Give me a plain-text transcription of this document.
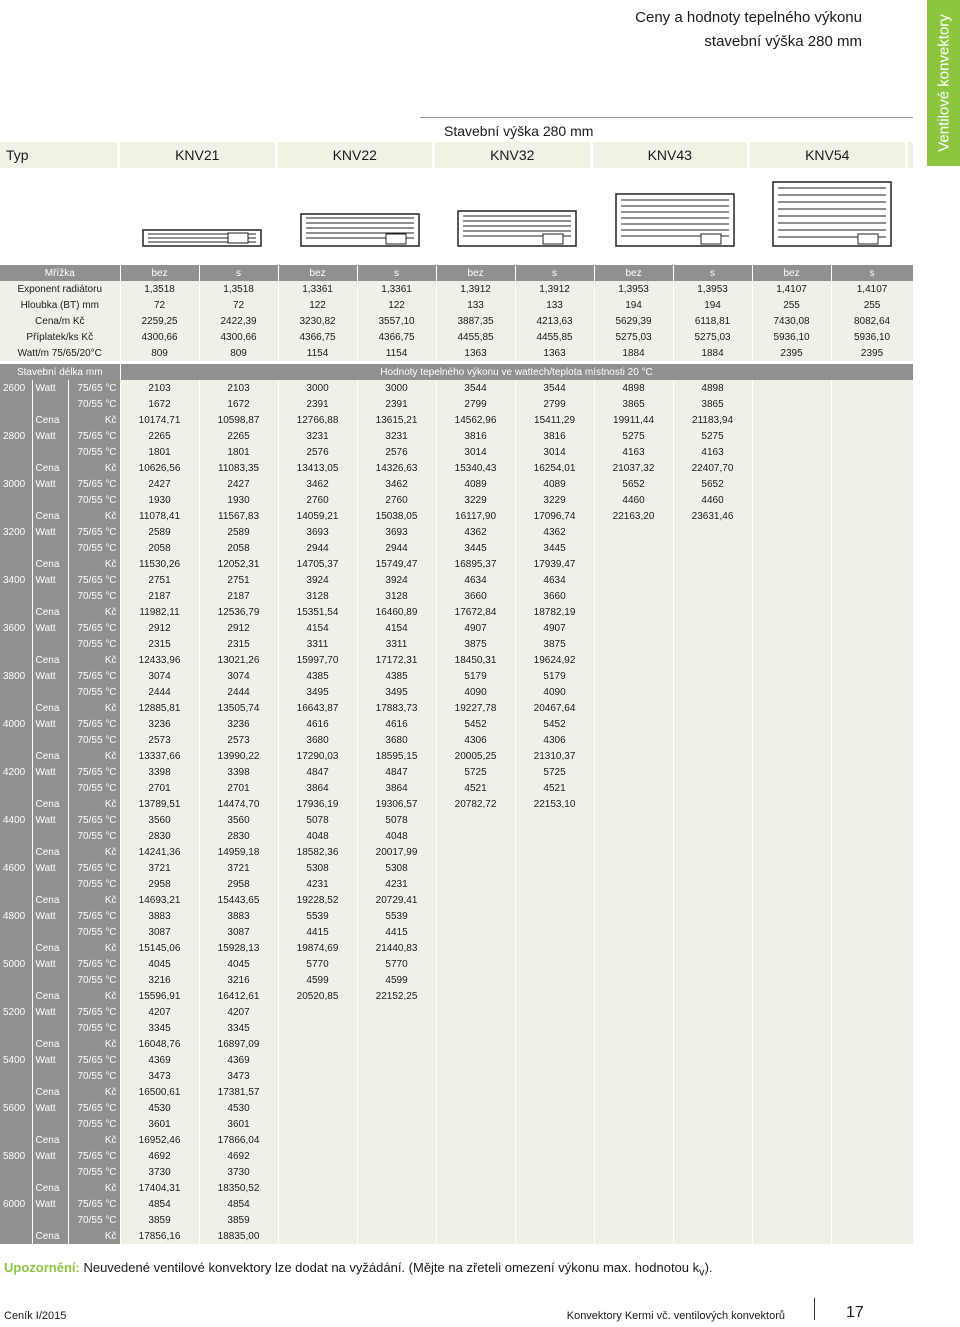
Ceny a hodnoty tepelného výkonu
stavební výška 280 mm	Ventilové konvektory
Stavební výška 280 mm
Typ	KNV21	KNV22	KNV32	KNV43	KNV54
Mřížka			bez	s	bez	s	bez	s	bez	s	bez	s
Exponent radiátoru			1,3518	1,3518	1,3361	1,3361	1,3912	1,3912	1,3953	1,3953	1,4107	1,4107
Hloubka (BT) mm			72	72	122	122	133	133	194	194	255	255
Cena/m Kč			2259,25	2422,39	3230,82	3557,10	3887,35	4213,63	5629,39	6118,81	7430,08	8082,64
Příplatek/ks Kč			4300,66	4300,66	4366,75	4366,75	4455,85	4455,85	5275,03	5275,03	5936,10	5936,10
Watt/m 75/65/20°C			809	809	1154	1154	1363	1363	1884	1884	2395	2395

Stavební délka mm			Hodnoty tepelného výkonu ve wattech/teplota místnosti 20 °C									
2600	Watt	75/65 °C	2103	2103	3000	3000	3544	3544	4898	4898		
		70/55 °C	1672	1672	2391	2391	2799	2799	3865	3865		
	Cena	Kč	10174,71	10598,87	12766,88	13615,21	14562,96	15411,29	19911,44	21183,94		
2800	Watt	75/65 °C	2265	2265	3231	3231	3816	3816	5275	5275		
		70/55 °C	1801	1801	2576	2576	3014	3014	4163	4163		
	Cena	Kč	10626,56	11083,35	13413,05	14326,63	15340,43	16254,01	21037,32	22407,70		
3000	Watt	75/65 °C	2427	2427	3462	3462	4089	4089	5652	5652		
		70/55 °C	1930	1930	2760	2760	3229	3229	4460	4460		
	Cena	Kč	11078,41	11567,83	14059,21	15038,05	16117,90	17096,74	22163,20	23631,46		
3200	Watt	75/65 °C	2589	2589	3693	3693	4362	4362				
		70/55 °C	2058	2058	2944	2944	3445	3445				
	Cena	Kč	11530,26	12052,31	14705,37	15749,47	16895,37	17939,47				
3400	Watt	75/65 °C	2751	2751	3924	3924	4634	4634				
		70/55 °C	2187	2187	3128	3128	3660	3660				
	Cena	Kč	11982,11	12536,79	15351,54	16460,89	17672,84	18782,19				
3600	Watt	75/65 °C	2912	2912	4154	4154	4907	4907				
		70/55 °C	2315	2315	3311	3311	3875	3875				
	Cena	Kč	12433,96	13021,26	15997,70	17172,31	18450,31	19624,92				
3800	Watt	75/65 °C	3074	3074	4385	4385	5179	5179				
		70/55 °C	2444	2444	3495	3495	4090	4090				
	Cena	Kč	12885,81	13505,74	16643,87	17883,73	19227,78	20467,64				
4000	Watt	75/65 °C	3236	3236	4616	4616	5452	5452				
		70/55 °C	2573	2573	3680	3680	4306	4306				
	Cena	Kč	13337,66	13990,22	17290,03	18595,15	20005,25	21310,37				
4200	Watt	75/65 °C	3398	3398	4847	4847	5725	5725				
		70/55 °C	2701	2701	3864	3864	4521	4521				
	Cena	Kč	13789,51	14474,70	17936,19	19306,57	20782,72	22153,10				
4400	Watt	75/65 °C	3560	3560	5078	5078						
		70/55 °C	2830	2830	4048	4048						
	Cena	Kč	14241,36	14959,18	18582,36	20017,99						
4600	Watt	75/65 °C	3721	3721	5308	5308						
		70/55 °C	2958	2958	4231	4231						
	Cena	Kč	14693,21	15443,65	19228,52	20729,41						
4800	Watt	75/65 °C	3883	3883	5539	5539						
		70/55 °C	3087	3087	4415	4415						
	Cena	Kč	15145,06	15928,13	19874,69	21440,83						
5000	Watt	75/65 °C	4045	4045	5770	5770						
		70/55 °C	3216	3216	4599	4599						
	Cena	Kč	15596,91	16412,61	20520,85	22152,25						
5200	Watt	75/65 °C	4207	4207								
		70/55 °C	3345	3345								
	Cena	Kč	16048,76	16897,09								
5400	Watt	75/65 °C	4369	4369								
		70/55 °C	3473	3473								
	Cena	Kč	16500,61	17381,57								
5600	Watt	75/65 °C	4530	4530								
		70/55 °C	3601	3601								
	Cena	Kč	16952,46	17866,04								
5800	Watt	75/65 °C	4692	4692								
		70/55 °C	3730	3730								
	Cena	Kč	17404,31	18350,52								
6000	Watt	75/65 °C	4854	4854								
		70/55 °C	3859	3859								
	Cena	Kč	17856,16	18835,00								
Upozornění: Neuvedené ventilové konvektory lze dodat na vyžádání. (Mějte na zřeteli omezení výkonu max. hodnotou $k_v$).
Ceník I/2015	Konvektory Kermi vč. ventilových konvektorů	17
